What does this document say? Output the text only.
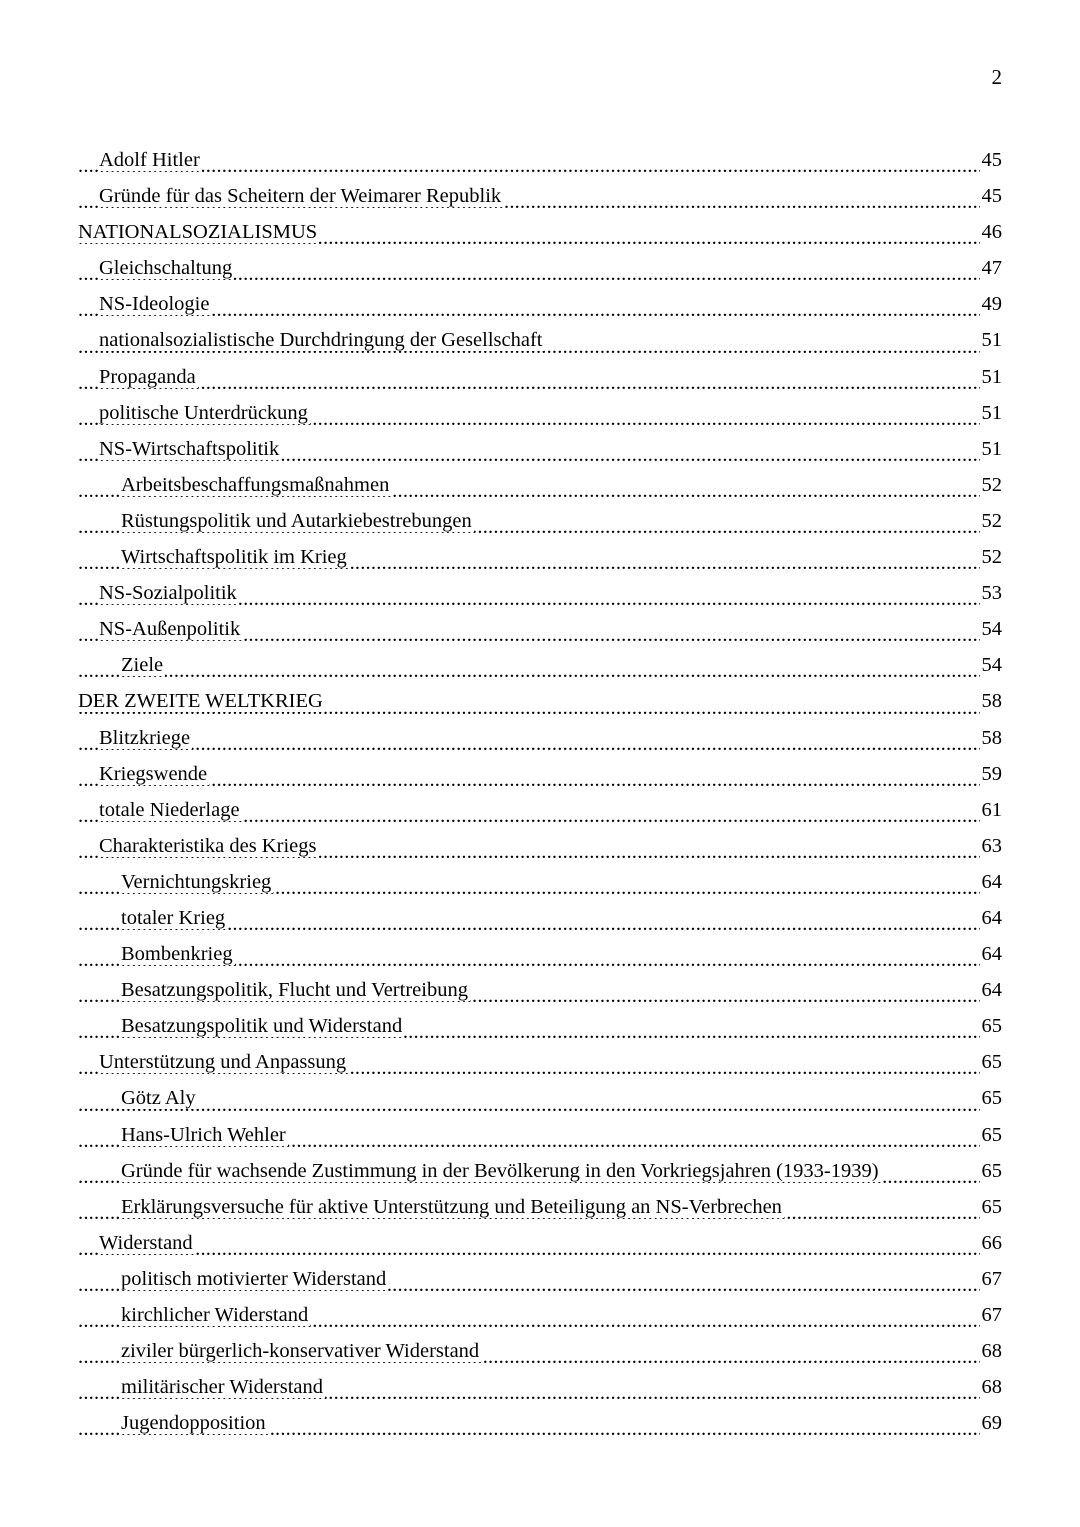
2
Adolf Hitler	45
.....
Gründe für das Scheitern der Weimarer Republik	45
.....
NATIONALSOZIALISMUS	46
.....
Gleichschaltung	47
.....
NS-Ideologie	49
.....
nationalsozialistische Durchdringung der Gesellschaft	51
.....
Propaganda	51
.....
politische Unterdrückung	51
.....
NS-Wirtschaftspolitik	51
.....
Arbeitsbeschaffungsmaßnahmen	52
.....
Rüstungspolitik und Autarkiebestrebungen	52
.....
Wirtschaftspolitik im Krieg	52
.....
NS-Sozialpolitik	53
.....
NS-Außenpolitik	54
.....
Ziele	54
.....
DER ZWEITE WELTKRIEG	58
.....
Blitzkriege	58
.....
Kriegswende	59
.....
totale Niederlage	61
.....
Charakteristika des Kriegs	63
.....
Vernichtungskrieg	64
.....
totaler Krieg	64
.....
Bombenkrieg	64
.....
Besatzungspolitik, Flucht und Vertreibung	64
.....
Besatzungspolitik und Widerstand	65
.....
Unterstützung und Anpassung	65
.....
Götz Aly	65
.....
Hans-Ulrich Wehler	65
.....
Gründe für wachsende Zustimmung in der Bevölkerung in den Vorkriegsjahren (1933-1939)	65
.....
Erklärungsversuche für aktive Unterstützung und Beteiligung an NS-Verbrechen	65
.....
Widerstand	66
.....
politisch motivierter Widerstand	67
.....
kirchlicher Widerstand	67
.....
ziviler bürgerlich-konservativer Widerstand	68
.....
militärischer Widerstand	68
.....
Jugendopposition	69
.....
